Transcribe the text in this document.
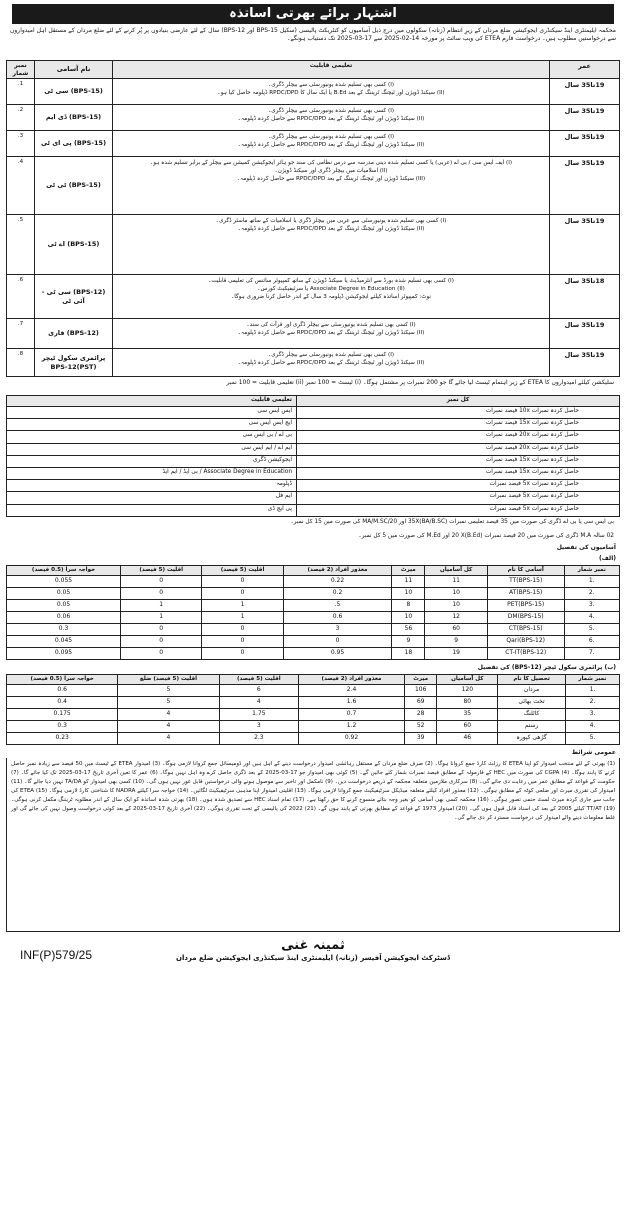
اشتہار برائے بھرتی اساتذہ
محکمہ ایلیمنٹری اینڈ سیکنڈری ایجوکیشن ضلع مردان کے زیرِ انتظام (زنانہ) سکولوں میں درج ذیل آسامیوں کو کنٹریکٹ پالیسی (سکیل BPS-15 اور BPS-12) سال کے لئے عارضی بنیادوں پر پُر کرنے کے لئے ضلع مردان کے مستقل اہل امیدواروں سے درخواستیں مطلوب ہیں۔ درخواست فارم ETEA کی ویب سائٹ پر مورخہ 14-02-2025 سے 17-03-2025 تک دستیاب ہونگے۔
نمبر شمار	نام آسامی	تعلیمی قابلیت	عمر
1.	(BPS-15) سی ٹی	(I) کسی بھی تسلیم شدہ یونیورسٹی سے بیچلر ڈگری۔
(II) سیکنڈ ڈویژن اور ٹیچنگ ٹریننگ کے بعد B.Ed یا ایک سال کا RPDC/DPD ڈپلومہ حاصل کیا ہو۔	19تا35 سال
2.	(BPS-15) ڈی ایم	(I) کسی بھی تسلیم شدہ یونیورسٹی سے بیچلر ڈگری۔
(II) سیکنڈ ڈویژن اور ٹیچنگ ٹریننگ کے بعد RPDC/DPD سے حاصل کردہ ڈپلومہ۔	19تا35 سال
3.	(BPS-15) پی ای ٹی	(I) کسی بھی تسلیم شدہ یونیورسٹی سے بیچلر ڈگری۔
(II) سیکنڈ ڈویژن اور ٹیچنگ ٹریننگ کے بعد RPDC/DPD سے حاصل کردہ ڈپلومہ۔	19تا35 سال
4.	(BPS-15) ٹی ٹی	(I) ایف ایس سی / بی اے (عربی) یا کسی تسلیم شدہ دینی مدرسہ سے درس نظامی کی سند جو ہائر ایجوکیشن کمیشن سے بیچلر کے برابر تسلیم شدہ ہو۔
(II) اسلامیات میں بیچلر ڈگری اور سیکنڈ ڈویژن۔
(III) سیکنڈ ڈویژن اور ٹیچنگ ٹریننگ کے بعد RPDC/DPD سے حاصل کردہ ڈپلومہ۔	19تا35 سال
5.	(BPS-15) اے ٹی	(I) کسی بھی تسلیم شدہ یونیورسٹی سے عربی میں بیچلر ڈگری یا اسلامیات کے ساتھ ماسٹر ڈگری۔
(II) سیکنڈ ڈویژن اور ٹیچنگ ٹریننگ کے بعد RPDC/DPD سے حاصل کردہ ڈپلومہ۔	19تا35 سال
6.	(BPS-12) سی ٹی - آئی ٹی	(I) کسی بھی تسلیم شدہ بورڈ سے انٹرمیڈیٹ یا سیکنڈ ڈویژن کے ساتھ کمپیوٹر سائنس کی تعلیمی قابلیت۔
(II) Associate Degree in Education یا سرٹیفیکیٹ کورس۔
نوٹ: کمپیوٹر اساتذہ کیلئے ایجوکیشن ڈپلومہ 3 سال کے اندر حاصل کرنا ضروری ہوگا۔	18تا35 سال
7.	(BPS-12) قاری	(I) کسی بھی تسلیم شدہ یونیورسٹی سے بیچلر ڈگری اور قرآت کی سند۔
(II) سیکنڈ ڈویژن اور ٹیچنگ ٹریننگ کے بعد RPDC/DPD سے حاصل کردہ ڈپلومہ۔	19تا35 سال
8.	پرائمری سکول ٹیچر (BPS-12(PST	(I) کسی بھی تسلیم شدہ یونیورسٹی سے بیچلر ڈگری۔
(II) سیکنڈ ڈویژن اور ٹیچنگ ٹریننگ کے بعد RPDC/DPD سے حاصل کردہ ڈپلومہ۔	19تا35 سال
سلیکشن کیلئے امیدواروں کا ETEA کے زیر اہتمام ٹیسٹ لیا جائے گا جو 200 نمبرات پر مشتمل ہوگا۔ (i) ٹیسٹ = 100 نمبر (ii) تعلیمی قابلیت = 100 نمبر
تعلیمی قابلیت	کل نمبر
ایس ایس سی	حاصل کردہ نمبرات 10x فیصد نمبرات
ایچ ایس ایس سی	حاصل کردہ نمبرات 15x فیصد نمبرات
بی اے / بی ایس سی	حاصل کردہ نمبرات 20x فیصد نمبرات
ایم اے / ایم ایس سی	حاصل کردہ نمبرات 20x فیصد نمبرات
ایجوکیشن ڈگری	حاصل کردہ نمبرات 15x فیصد نمبرات
Associate Degree in Education / بی ایڈ / ایم ایڈ	حاصل کردہ نمبرات 15x فیصد نمبرات
ڈپلومہ	حاصل کردہ نمبرات 5x فیصد نمبرات
ایم فل	حاصل کردہ نمبرات 5x فیصد نمبرات
پی ایچ ڈی	حاصل کردہ نمبرات 5x فیصد نمبرات
بی ایس سی یا بی اے ڈگری کی صورت میں 35 فیصد تعلیمی نمبرات (BA/B.SC)35X اور MA/M.SC/20 کی صورت میں 15 کل نمبر۔
02 سالہ M.A ڈگری کی صورت میں 20 فیصد نمبرات (B.Ed)20 X اور M.Ed کی صورت میں 5 کل نمبر۔
آسامیوں کی تفصیل
(الف)
خواجہ سرا (0.5 فیصد)	اقلیت (5 فیصد)	اقلیت (5 فیصد)	معذور افراد (2 فیصد)	میرٹ	کل آسامیاں	آسامی کا نام	نمبر شمار
0.055	0	0	0.22	11	11	TT(BPS-15)	1.
0.05	0	0	0.2	10	10	AT(BPS-15)	2.
0.05	1	1	.5	8	10	PET(BPS-15)	3.
0.06	1	1	0.6	10	12	DM(BPS-15)	4.
0.3	0	0	3	56	60	CT(BPS-15)	5.
0.045	0	0	0	9	9	Qari(BPS-12)	6.
0.095	0	0	0.95	18	19	CT-IT(BPS-12)	7.
(ب) پرائمری سکول ٹیچر (BPS-12) کی تفصیل
خواجہ سرا (0.5 فیصد)	اقلیت (5 فیصد) ضلع	اقلیت (5 فیصد)	معذور افراد (2 فیصد)	میرٹ	کل آسامیاں	تحصیل کا نام	نمبر شمار
0.6	5	6	2.4	106	120	مردان	1.
0.4	5	4	1.6	69	80	تخت بھائی	2.
0.175	4	1.75	0.7	28	35	کاٹلنگ	3.
0.3	4	3	1.2	52	60	رستم	4.
0.23	4	2.3	0.92	39	46	گڑھی کپورہ	5.
عمومی شرائط
(1) بھرتی کے لئے منتخب امیدوار کو اپنا ETEA کا رزلٹ کارڈ جمع کروانا ہوگا۔ (2) صرف ضلع مردان کے مستقل رہائشی امیدوار درخواست دینے کے اہل ہیں اور ڈومیسائل جمع کروانا لازمی ہوگا۔ (3) امیدوار ETEA کے ٹیسٹ میں 50 فیصد سے زیادہ نمبر حاصل کرنے کا پابند ہوگا۔ (4) CGPA کی صورت میں HEC کے فارمولہ کے مطابق فیصد نمبرات شمار کئے جائیں گے۔ (5) کوئی بھی امیدوار جو 17-03-2025 کے بعد ڈگری حاصل کرے وہ اہل نہیں ہوگا۔ (6) عمر کا تعین آخری تاریخ 17-03-2025 تک کیا جائے گا۔ (7) حکومت کے قواعد کے مطابق عمر میں رعایت دی جائے گی۔ (8) سرکاری ملازمین متعلقہ محکمہ کے ذریعے درخواست دیں۔ (9) نامکمل اور تاخیر سے موصول ہونے والی درخواستیں قابل غور نہیں ہوں گی۔ (10) کسی بھی امیدوار کو TA/DA نہیں دیا جائے گا۔ (11) امیدوار کی تقرری میرٹ اور ضلعی کوٹہ کے مطابق ہوگی۔ (12) معذور افراد کیلئے متعلقہ میڈیکل سرٹیفیکیٹ جمع کروانا لازمی ہوگا۔ (13) اقلیتی امیدوار اپنا مذہبی سرٹیفیکیٹ لگائیں۔ (14) خواجہ سرا کیلئے NADRA کا شناختی کارڈ لازمی ہوگا۔ (15) ETEA کی جانب سے جاری کردہ میرٹ لسٹ حتمی تصور ہوگی۔ (16) محکمہ کسی بھی آسامی کو بغیر وجہ بتائے منسوخ کرنے کا حق رکھتا ہے۔ (17) تمام اسناد HEC سے تصدیق شدہ ہوں۔ (18) بھرتی شدہ اساتذہ کو ایک سال کے اندر مطلوبہ ٹریننگ مکمل کرنی ہوگی۔ (19) TT/AT کیلئے 2005 کے بعد کی اسناد قابل قبول ہوں گی۔ (20) امیدوار 1973 کے قواعد کے مطابق بھرتی کے پابند ہوں گے۔ (21) 2022 کی پالیسی کے تحت تقرری ہوگی۔ (22) آخری تاریخ 17-03-2025 کے بعد کوئی درخواست وصول نہیں کی جائے گی اور غلط معلومات دینے والے امیدوار کی درخواست مسترد کر دی جائے گی۔
INF(P)579/25
ثمینہ غنی
ڈسٹرکٹ ایجوکیشن آفیسر (زنانہ) ایلیمنٹری اینڈ سیکنڈری ایجوکیشن ضلع مردان
